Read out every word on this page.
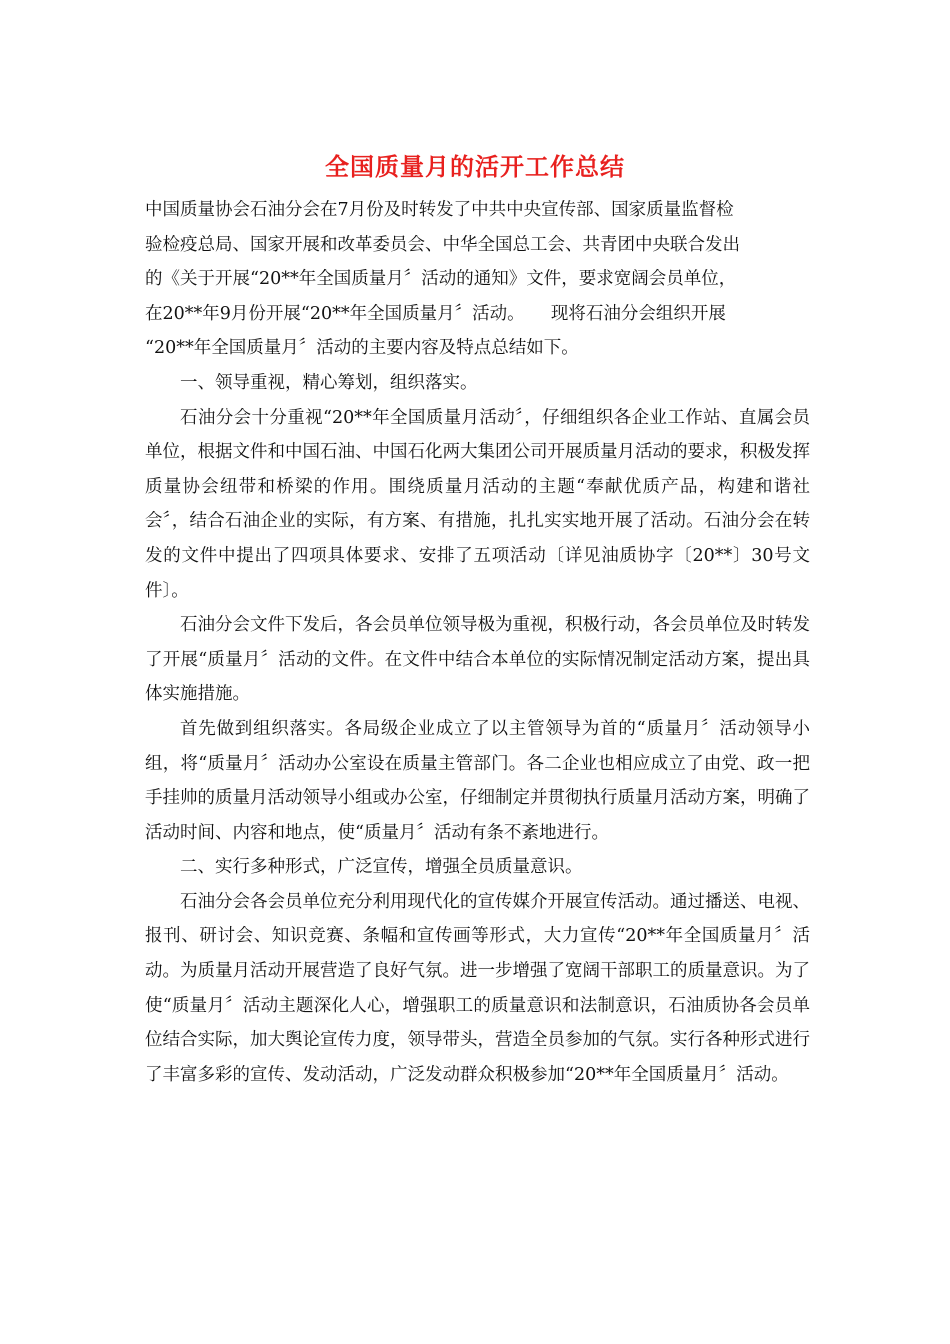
全国质量月的活开工作总结

中国质量协会石油分会在7月份及时转发了中共中央宣传部、国家质量监督检

验检疫总局、国家开展和改革委员会、中华全国总工会、共青团中央联合发出

的《关于开展“20**年全国质量月〞活动的通知》文件，要求宽阔会员单位，

在20**年9月份开展“20**年全国质量月〞活动。　　现将石油分会组织开展

“20**年全国质量月〞活动的主要内容及特点总结如下。

一、领导重视，精心筹划，组织落实。

石油分会十分重视“20**年全国质量月活动〞，仔细组织各企业工作站、直属会员单位，根据文件和中国石油、中国石化两大集团公司开展质量月活动的要求，积极发挥质量协会纽带和桥梁的作用。围绕质量月活动的主题“奉献优质产品，构建和谐社会〞，结合石油企业的实际，有方案、有措施，扎扎实实地开展了活动。石油分会在转发的文件中提出了四项具体要求、安排了五项活动〔详见油质协字〔20**〕30号文件〕。

石油分会文件下发后，各会员单位领导极为重视，积极行动，各会员单位及时转发了开展“质量月〞活动的文件。在文件中结合本单位的实际情况制定活动方案，提出具体实施措施。

首先做到组织落实。各局级企业成立了以主管领导为首的“质量月〞活动领导小组，将“质量月〞活动办公室设在质量主管部门。各二企业也相应成立了由党、政一把手挂帅的质量月活动领导小组或办公室，仔细制定并贯彻执行质量月活动方案，明确了活动时间、内容和地点，使“质量月〞活动有条不紊地进行。

二、实行多种形式，广泛宣传，增强全员质量意识。

石油分会各会员单位充分利用现代化的宣传媒介开展宣传活动。通过播送、电视、报刊、研讨会、知识竞赛、条幅和宣传画等形式，大力宣传“20**年全国质量月〞活动。为质量月活动开展营造了良好气氛。进一步增强了宽阔干部职工的质量意识。为了使“质量月〞活动主题深化人心，增强职工的质量意识和法制意识，石油质协各会员单位结合实际，加大舆论宣传力度，领导带头，营造全员参加的气氛。实行各种形式进行了丰富多彩的宣传、发动活动，广泛发动群众积极参加“20**年全国质量月〞活动。
